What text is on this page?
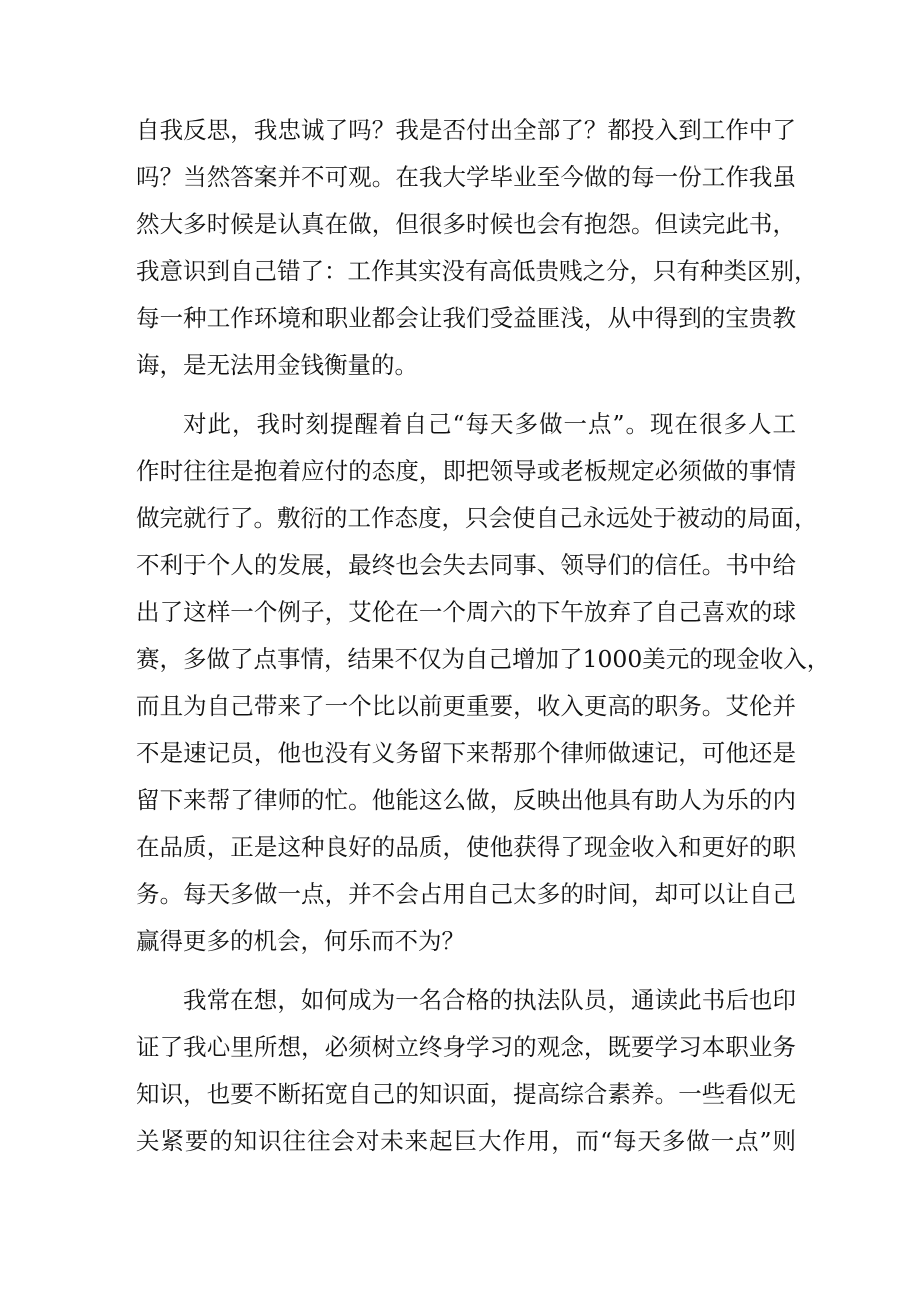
自我反思，我忠诚了吗？我是否付出全部了？都投入到工作中了
吗？当然答案并不可观。在我大学毕业至今做的每一份工作我虽
然大多时候是认真在做，但很多时候也会有抱怨。但读完此书，
我意识到自己错了：工作其实没有高低贵贱之分，只有种类区别，
每一种工作环境和职业都会让我们受益匪浅，从中得到的宝贵教
诲，是无法用金钱衡量的。
对此，我时刻提醒着自己“每天多做一点”。现在很多人工
作时往往是抱着应付的态度，即把领导或老板规定必须做的事情
做完就行了。敷衍的工作态度，只会使自己永远处于被动的局面，
不利于个人的发展，最终也会失去同事、领导们的信任。书中给
出了这样一个例子，艾伦在一个周六的下午放弃了自己喜欢的球
赛，多做了点事情，结果不仅为自己增加了1000美元的现金收入，
而且为自己带来了一个比以前更重要，收入更高的职务。艾伦并
不是速记员，他也没有义务留下来帮那个律师做速记，可他还是
留下来帮了律师的忙。他能这么做，反映出他具有助人为乐的内
在品质，正是这种良好的品质，使他获得了现金收入和更好的职
务。每天多做一点，并不会占用自己太多的时间，却可以让自己
赢得更多的机会，何乐而不为？
我常在想，如何成为一名合格的执法队员，通读此书后也印
证了我心里所想，必须树立终身学习的观念，既要学习本职业务
知识，也要不断拓宽自己的知识面，提高综合素养。一些看似无
关紧要的知识往往会对未来起巨大作用，而“每天多做一点”则
